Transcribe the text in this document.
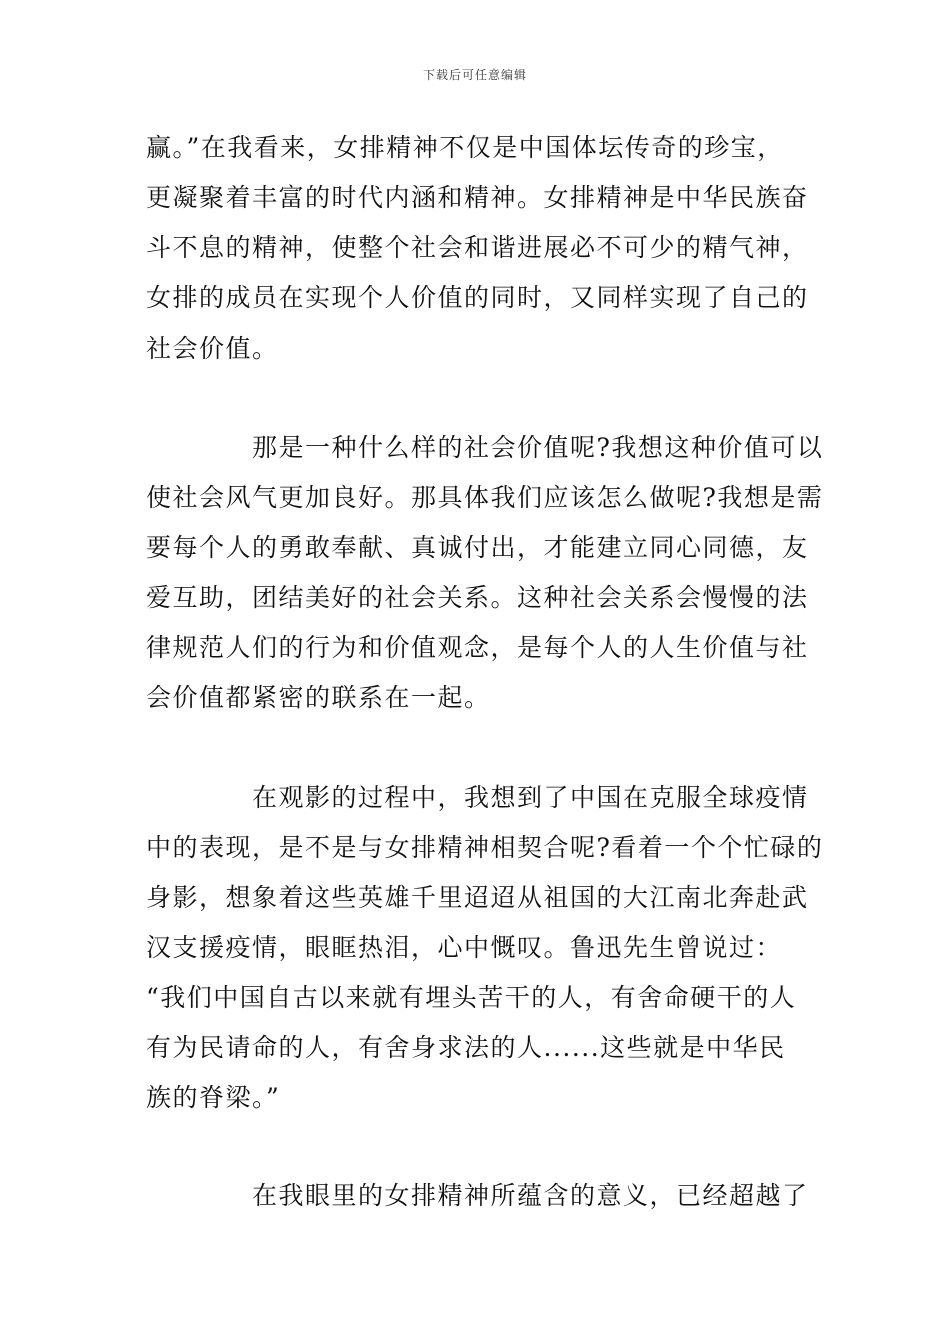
下载后可任意编辑
赢。”在我看来，女排精神不仅是中国体坛传奇的珍宝，
更凝聚着丰富的时代内涵和精神。女排精神是中华民族奋
斗不息的精神，使整个社会和谐进展必不可少的精气神，
女排的成员在实现个人价值的同时，又同样实现了自己的
社会价值。
那是一种什么样的社会价值呢?我想这种价值可以
使社会风气更加良好。那具体我们应该怎么做呢?我想是需
要每个人的勇敢奉献、真诚付出，才能建立同心同德，友
爱互助，团结美好的社会关系。这种社会关系会慢慢的法
律规范人们的行为和价值观念，是每个人的人生价值与社
会价值都紧密的联系在一起。
在观影的过程中，我想到了中国在克服全球疫情
中的表现，是不是与女排精神相契合呢?看着一个个忙碌的
身影，想象着这些英雄千里迢迢从祖国的大江南北奔赴武
汉支援疫情，眼眶热泪，心中慨叹。鲁迅先生曾说过：
“我们中国自古以来就有埋头苦干的人，有舍命硬干的人
有为民请命的人，有舍身求法的人......这些就是中华民
族的脊梁。”
在我眼里的女排精神所蕴含的意义，已经超越了
